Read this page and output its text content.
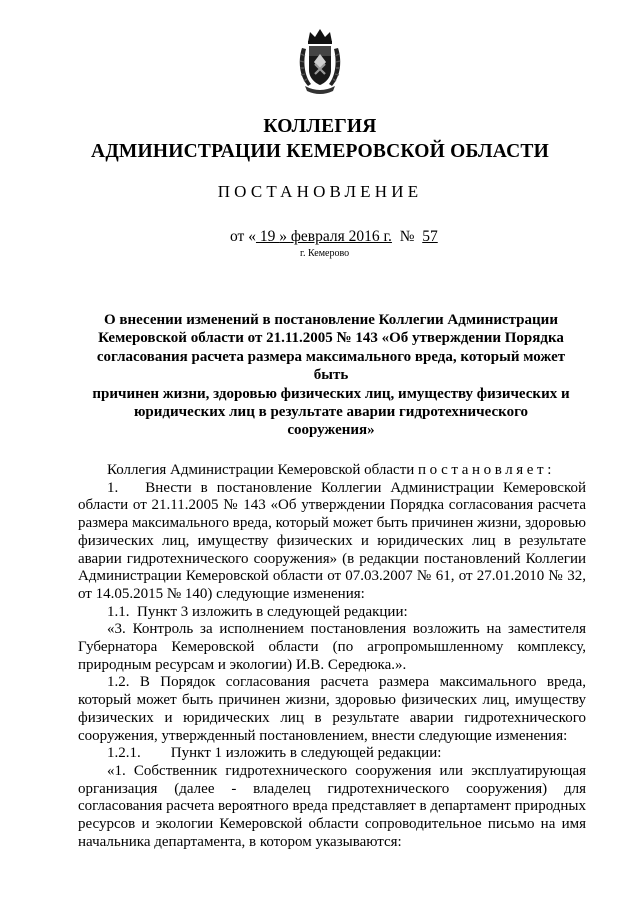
КОЛЛЕГИЯ
АДМИНИСТРАЦИИ КЕМЕРОВСКОЙ ОБЛАСТИ
ПОСТАНОВЛЕНИЕ
от « 19 » февраля 2016 г.  №  57
г. Кемерово
О внесении изменений в постановление Коллегии Администрации
Кемеровской области от 21.11.2005 № 143 «Об утверждении Порядка
согласования расчета размера максимального вреда, который может быть
причинен жизни, здоровью физических лиц, имуществу физических и
юридических лиц в результате аварии гидротехнического сооружения»

Коллегия Администрации Кемеровской области постановляет:

1.   Внести в постановление Коллегии Администрации Кемеровской области от 21.11.2005 № 143 «Об утверждении Порядка согласования расчета размера максимального вреда, который может быть причинен жизни, здоровью физических лиц, имуществу физических и юридических лиц в результате аварии гидротехнического сооружения» (в редакции постановлений Коллегии Администрации Кемеровской области от 07.03.2007 № 61, от 27.01.2010 № 32, от 14.05.2015 № 140) следующие изменения:

1.1.  Пункт 3 изложить в следующей редакции:

«3. Контроль за исполнением постановления возложить на заместителя Губернатора Кемеровской области (по агропромышленному комплексу, природным ресурсам и экологии) И.В. Середюка.».

1.2. В Порядок согласования расчета размера максимального вреда, который может быть причинен жизни, здоровью физических лиц, имуществу физических и юридических лиц в результате аварии гидротехнического сооружения, утвержденный постановлением, внести следующие изменения:

1.2.1.        Пункт 1 изложить в следующей редакции:

«1. Собственник гидротехнического сооружения или эксплуатирующая организация (далее - владелец гидротехнического сооружения) для согласования расчета вероятного вреда представляет в департамент природных ресурсов и экологии Кемеровской области сопроводительное письмо на имя начальника департамента, в котором указываются:
